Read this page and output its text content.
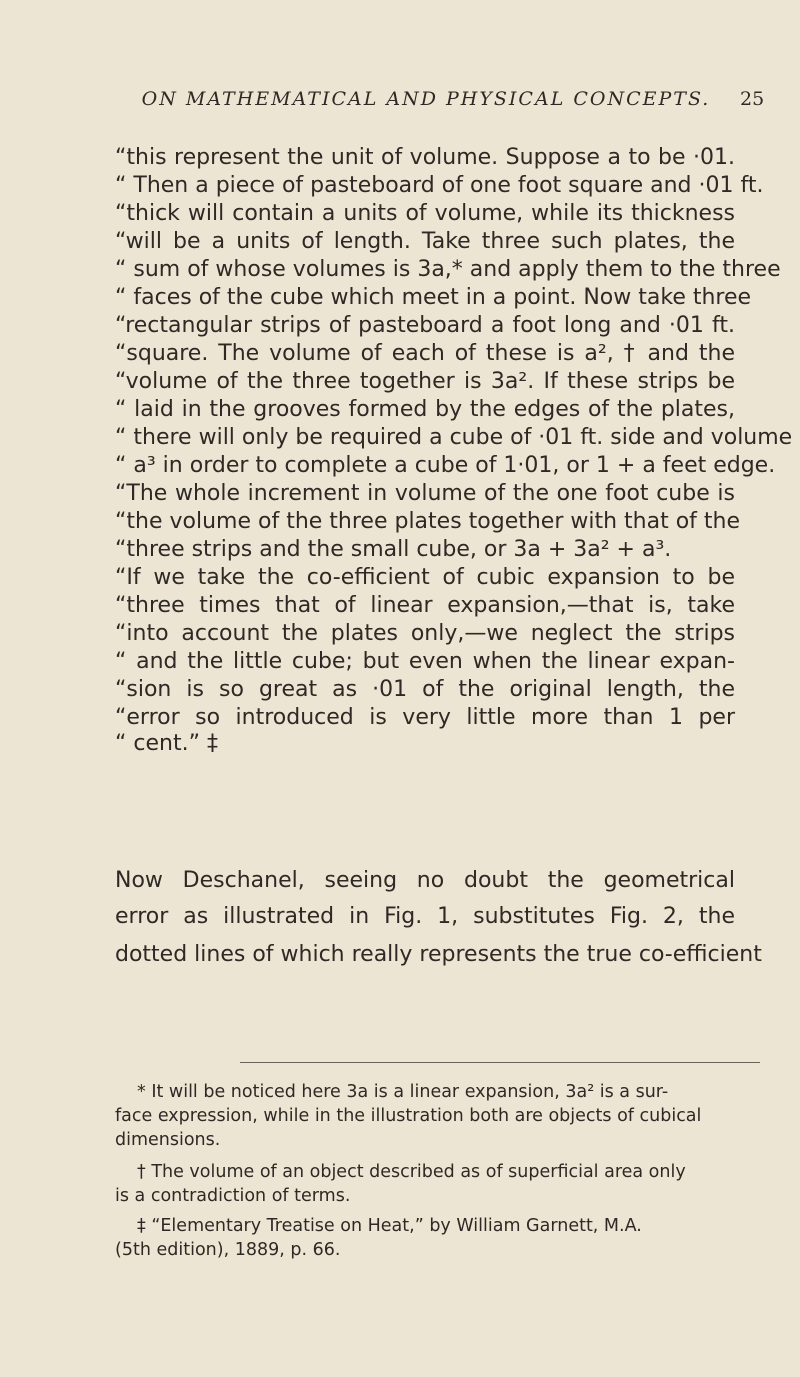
ON MATHEMATICAL AND PHYSICAL CONCEPTS.	25
“this represent the unit of volume. Suppose a to be ·01.
“ Then a piece of pasteboard of one foot square and ·01 ft.
“thick will contain a units of volume, while its thickness
“will be a units of length. Take three such plates, the
“ sum of whose volumes is 3a,* and apply them to the three
“ faces of the cube which meet in a point. Now take three
“rectangular strips of pasteboard a foot long and ·01 ft.
“square. The volume of each of these is a², † and the
“volume of the three together is 3a². If these strips be
“ laid in the grooves formed by the edges of the plates,
“ there will only be required a cube of ·01 ft. side and volume
“ a³ in order to complete a cube of 1·01, or 1 + a feet edge.
“The whole increment in volume of the one foot cube is
“the volume of the three plates together with that of the
“three strips and the small cube, or 3a + 3a² + a³.
“If we take the co-efficient of cubic expansion to be
“three times that of linear expansion,—that is, take
“into account the plates only,—we neglect the strips
“ and the little cube; but even when the linear expan-
“sion is so great as ·01 of the original length, the
“error so introduced is very little more than 1 per
“ cent.” ‡
Now Deschanel, seeing no doubt the geometrical
error as illustrated in Fig. 1, substitutes Fig. 2, the
dotted lines of which really represents the true co-efficient
* It will be noticed here 3a is a linear expansion, 3a² is a sur-
face expression, while in the illustration both are objects of cubical dimensions.
† The volume of an object described as of superficial area only
is a contradiction of terms.
‡ “Elementary Treatise on Heat,” by William Garnett, M.A.
(5th edition), 1889, p. 66.
